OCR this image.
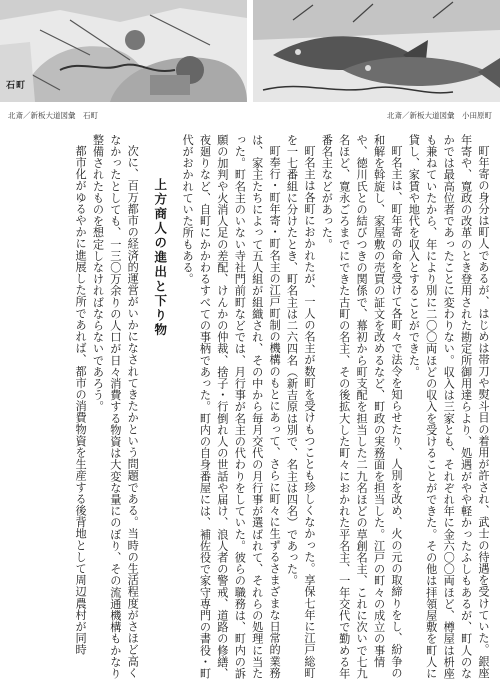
石町
北斎／新板大道図彙　石町	北斎／新板大道図彙　小田原町

町年寄の身分は町人であるが、はじめは帯刀や熨斗目の着用が許され、武士の待遇を受けていた。銀座年寄や、寛政の改革のとき登用された勘定所御用達らより、処遇がやや軽かったふしもあるが、町人のなかでは最高位者であったことに変わりない。収入は三家とも、それぞれ年に金六〇〇両ほど、樽屋は枡座も兼ねていたから、年により別に二〇〇両ほどの収入を受けることができた。その他は拝領屋敷を町人に貸し、家賃や地代を収入とすることができた。

町名主は、町年寄の命を受けて各町々で法令を知らせたり、人別を改め、火の元の取締りをし、紛争の和解を斡旋し、家屋敷の売買の証文を改めるなど、町政の実務面を担当した。江戸の町々の成立の事情や、徳川氏との結びつきの関係で、幕初から町支配を担当した二九名ほどの草創名主、これに次いで七九名ほど、寛永ごろまでにできた古町の名主、その後拡大した町々におかれた平名主、一年交代で勤める年番名主などがあった。

町名主は各町におかれたが、一人の名主が数町を受けもつことも珍しくなかった。享保七年に江戸総町を一七番組に分けたとき、町名主は二六四名（新吉原は別で、名主は四名）であった。

町奉行・町年寄・町名主の江戸町制の機構のもとにあって、さらに町々に生ずるさまざまな日常的業務は、家主たちによって五人組が組織され、その中から毎月交代の月行事が選ばれて、それらの処理に当たった。町名主のいない寺社門前町などでは、月行事が名主の代わりをしていた。彼らの職務は、町内の訴願の加判や火消人足の差配、けんかの仲裁、捨子・行倒れ人の世話や届け、浪人者の警戒、道路の修繕、夜廻りなど、自町にかかわるすべての事柄であった。町内の自身番屋には、補佐役で家守専門の書役・町代がおかれていた所もある。

上方商人の進出と下り物

次に、百万都市の経済的運営がいかになされてきたかという問題である。当時の生活程度がさほど高くなかったとしても、一三〇万余りの人口が日々消費する物資は大変な量にのぼり、その流通機構もかなり整備されたものを想定しなければならないであろう。

都市化がゆるやかに進展した所であれば、都市の消費物資を生産する後背地として周辺農村が同時
